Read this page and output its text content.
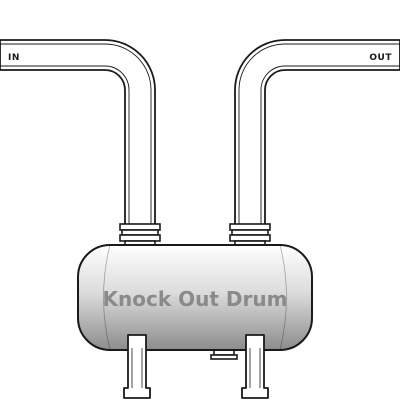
IN	OUT
Knock Out Drum
